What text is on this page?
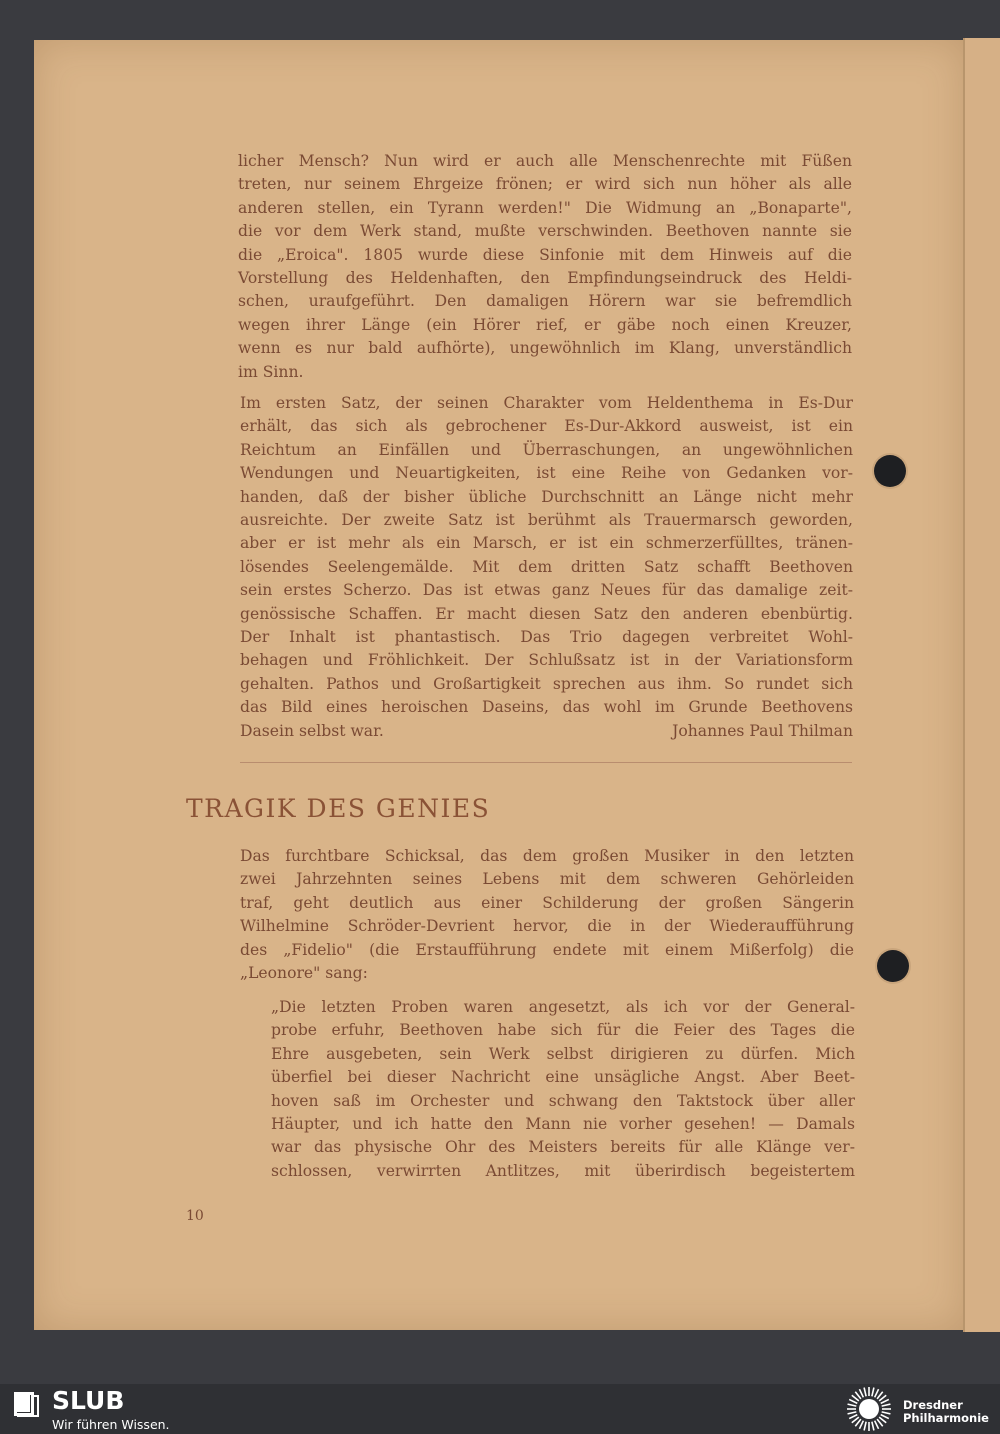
licher Mensch? Nun wird er auch alle Menschenrechte mit Füßen
treten, nur seinem Ehrgeize frönen; er wird sich nun höher als alle
anderen stellen, ein Tyrann werden!" Die Widmung an „Bonaparte",
die vor dem Werk stand, mußte verschwinden. Beethoven nannte sie
die „Eroica". 1805 wurde diese Sinfonie mit dem Hinweis auf die
Vorstellung des Heldenhaften, den Empfindungseindruck des Heldi-
schen, uraufgeführt. Den damaligen Hörern war sie befremdlich
wegen ihrer Länge (ein Hörer rief, er gäbe noch einen Kreuzer,
wenn es nur bald aufhörte), ungewöhnlich im Klang, unverständlich
im Sinn.
Im ersten Satz, der seinen Charakter vom Heldenthema in Es-Dur
erhält, das sich als gebrochener Es-Dur-Akkord ausweist, ist ein
Reichtum an Einfällen und Überraschungen, an ungewöhnlichen
Wendungen und Neuartigkeiten, ist eine Reihe von Gedanken vor-
handen, daß der bisher übliche Durchschnitt an Länge nicht mehr
ausreichte. Der zweite Satz ist berühmt als Trauermarsch geworden,
aber er ist mehr als ein Marsch, er ist ein schmerzerfülltes, tränen-
lösendes Seelengemälde. Mit dem dritten Satz schafft Beethoven
sein erstes Scherzo. Das ist etwas ganz Neues für das damalige zeit-
genössische Schaffen. Er macht diesen Satz den anderen ebenbürtig.
Der Inhalt ist phantastisch. Das Trio dagegen verbreitet Wohl-
behagen und Fröhlichkeit. Der Schlußsatz ist in der Variationsform
gehalten. Pathos und Großartigkeit sprechen aus ihm. So rundet sich
das Bild eines heroischen Daseins, das wohl im Grunde Beethovens
Dasein selbst war.	Johannes Paul Thilman
TRAGIK DES GENIES
Das furchtbare Schicksal, das dem großen Musiker in den letzten
zwei Jahrzehnten seines Lebens mit dem schweren Gehörleiden
traf, geht deutlich aus einer Schilderung der großen Sängerin
Wilhelmine Schröder-Devrient hervor, die in der Wiederaufführung
des „Fidelio" (die Erstaufführung endete mit einem Mißerfolg) die
„Leonore" sang:
„Die letzten Proben waren angesetzt, als ich vor der General-
probe erfuhr, Beethoven habe sich für die Feier des Tages die
Ehre ausgebeten, sein Werk selbst dirigieren zu dürfen. Mich
überfiel bei dieser Nachricht eine unsägliche Angst. Aber Beet-
hoven saß im Orchester und schwang den Taktstock über aller
Häupter, und ich hatte den Mann nie vorher gesehen! — Damals
war das physische Ohr des Meisters bereits für alle Klänge ver-
schlossen, verwirrten Antlitzes, mit überirdisch begeistertem
10
SLUB
Wir führen Wissen.
Dresdner
Philharmonie
